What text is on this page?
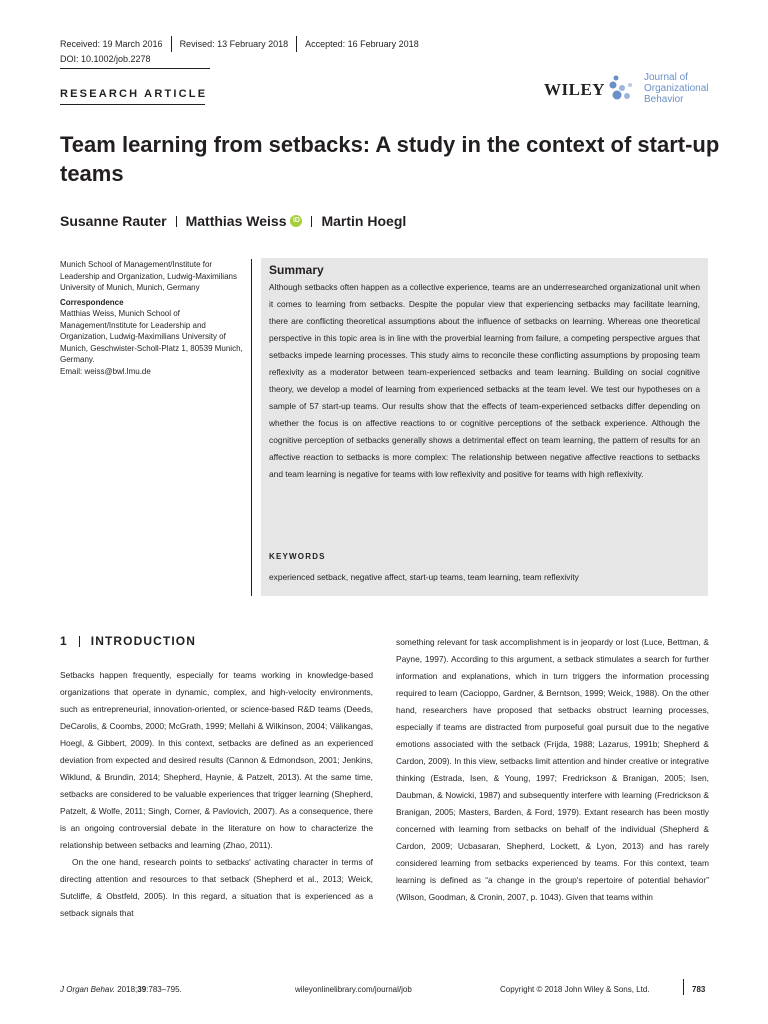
Received: 19 March 2016 Revised: 13 February 2018 Accepted: 16 February 2018
DOI: 10.1002/job.2278
RESEARCH ARTICLE	WILEY
Journal of
Organizational
Behavior
Team learning from setbacks: A study in the context of start-up teams
Susanne Rauter Matthias Weiss iD Martin Hoegl
Munich School of Management/Institute for Leadership and Organization, Ludwig-Maximilians University of Munich, Munich, Germany
Correspondence
Matthias Weiss, Munich School of Management/Institute for Leadership and Organization, Ludwig-Maximilians University of Munich, Geschwister-Scholl-Platz 1, 80539 Munich, Germany.
Email: weiss@bwl.lmu.de
Summary
Although setbacks often happen as a collective experience, teams are an underresearched organizational unit when it comes to learning from setbacks. Despite the popular view that experiencing setbacks may facilitate learning, there are conflicting theoretical assumptions about the influence of setbacks on learning. Whereas one theoretical perspective in this topic area is in line with the proverbial learning from failure, a competing perspective argues that setbacks impede learning processes. This study aims to reconcile these conflicting assumptions by proposing team reflexivity as a moderator between team-experienced setbacks and team learning. Building on social cognitive theory, we develop a model of learning from experienced setbacks at the team level. We test our hypotheses on a sample of 57 start-up teams. Our results show that the effects of team-experienced setbacks differ depending on whether the focus is on affective reactions to or cognitive perceptions of the setback experience. Although the cognitive perception of setbacks generally shows a detrimental effect on team learning, the pattern of results for an affective reaction to setbacks is more complex: The relationship between negative affective reactions to setbacks and team learning is negative for teams with low reflexivity and positive for teams with high reflexivity.
KEYWORDS
experienced setback, negative affect, start-up teams, team learning, team reflexivity
1 INTRODUCTION

Setbacks happen frequently, especially for teams working in knowledge-based organizations that operate in dynamic, complex, and high-velocity environments, such as entrepreneurial, innovation-oriented, or science-based R&D teams (Deeds, DeCarolis, & Coombs, 2000; McGrath, 1999; Mellahi & Wilkinson, 2004; Välikangas, Hoegl, & Gibbert, 2009). In this context, setbacks are defined as an experienced deviation from expected and desired results (Cannon & Edmondson, 2001; Jenkins, Wiklund, & Brundin, 2014; Shepherd, Haynie, & Patzelt, 2013). At the same time, setbacks are considered to be valuable experiences that trigger learning (Shepherd, Patzelt, & Wolfe, 2011; Singh, Corner, & Pavlovich, 2007). As a consequence, there is an ongoing controversial debate in the literature on how to characterize the relationship between setbacks and learning (Zhao, 2011).

On the one hand, research points to setbacks' activating character in terms of directing attention and resources to that setback (Shepherd et al., 2013; Weick, Sutcliffe, & Obstfeld, 2005). In this regard, a situation that is experienced as a setback signals that

something relevant for task accomplishment is in jeopardy or lost (Luce, Bettman, & Payne, 1997). According to this argument, a setback stimulates a search for further information and explanations, which in turn triggers the information processing required to learn (Cacioppo, Gardner, & Berntson, 1999; Weick, 1988). On the other hand, researchers have proposed that setbacks obstruct learning processes, especially if teams are distracted from purposeful goal pursuit due to the negative emotions associated with the setback (Frijda, 1988; Lazarus, 1991b; Shepherd & Cardon, 2009). In this view, setbacks limit attention and hinder creative or integrative thinking (Estrada, Isen, & Young, 1997; Fredrickson & Branigan, 2005; Isen, Daubman, & Nowicki, 1987) and subsequently interfere with learning (Fredrickson & Branigan, 2005; Masters, Barden, & Ford, 1979). Extant research has been mostly concerned with learning from setbacks on behalf of the individual (Shepherd & Cardon, 2009; Ucbasaran, Shepherd, Lockett, & Lyon, 2013) and has rarely considered learning from setbacks experienced by teams. For this context, team learning is defined as “a change in the group's repertoire of potential behavior” (Wilson, Goodman, & Cronin, 2007, p. 1043). Given that teams within

J Organ Behav. 2018;39:783–795.	wileyonlinelibrary.com/journal/job	Copyright © 2018 John Wiley & Sons, Ltd.	783
